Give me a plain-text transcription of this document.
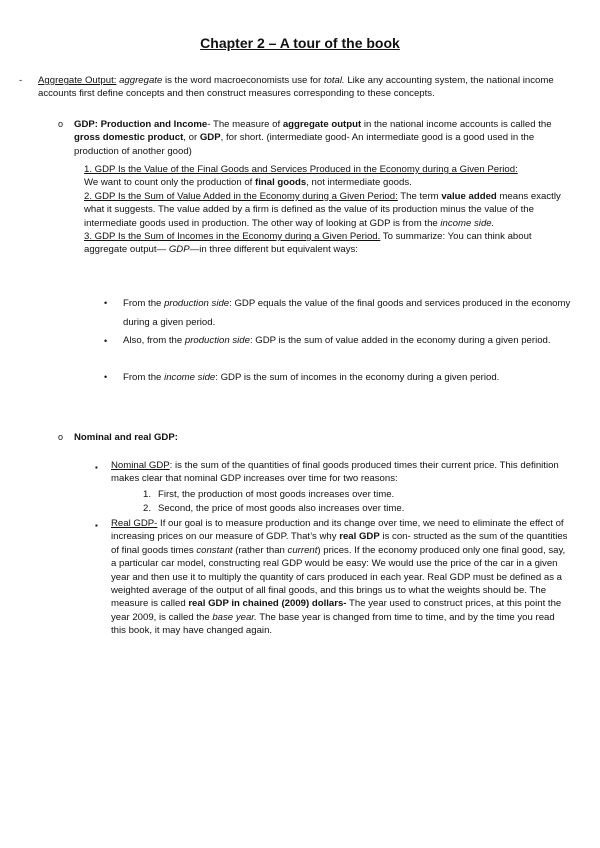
Chapter 2 – A tour of the book
- Aggregate Output: aggregate is the word macroeconomists use for total. Like any accounting system, the national income accounts first define concepts and then construct measures corresponding to these concepts.
o GDP: Production and Income- The measure of aggregate output in the national income accounts is called the gross domestic product, or GDP, for short. (intermediate good- An intermediate good is a good used in the production of another good)
1. GDP Is the Value of the Final Goods and Services Produced in the Economy during a Given Period:
We want to count only the production of final goods, not intermediate goods.
2. GDP Is the Sum of Value Added in the Economy during a Given Period: The term value added means exactly what it suggests. The value added by a firm is defined as the value of its production minus the value of the intermediate goods used in production. The other way of looking at GDP is from the income side.
3. GDP Is the Sum of Incomes in the Economy during a Given Period. To summarize: You can think about aggregate output— GDP—in three different but equivalent ways:
• From the production side: GDP equals the value of the final goods and services produced in the economy during a given period.
• Also, from the production side: GDP is the sum of value added in the economy during a given period.
• From the income side: GDP is the sum of incomes in the economy during a given period.
o Nominal and real GDP:
▪ Nominal GDP: is the sum of the quantities of final goods produced times their current price. This definition makes clear that nominal GDP increases over time for two reasons:
1. First, the production of most goods increases over time.
2. Second, the price of most goods also increases over time.
▪ Real GDP- If our goal is to measure production and its change over time, we need to eliminate the effect of increasing prices on our measure of GDP. That’s why real GDP is con- structed as the sum of the quantities of final goods times constant (rather than current) prices. If the economy produced only one final good, say, a particular car model, constructing real GDP would be easy: We would use the price of the car in a given year and then use it to multiply the quantity of cars produced in each year. Real GDP must be defined as a weighted average of the output of all final goods, and this brings us to what the weights should be. The measure is called real GDP in chained (2009) dollars- The year used to construct prices, at this point the year 2009, is called the base year. The base year is changed from time to time, and by the time you read this book, it may have changed again.
